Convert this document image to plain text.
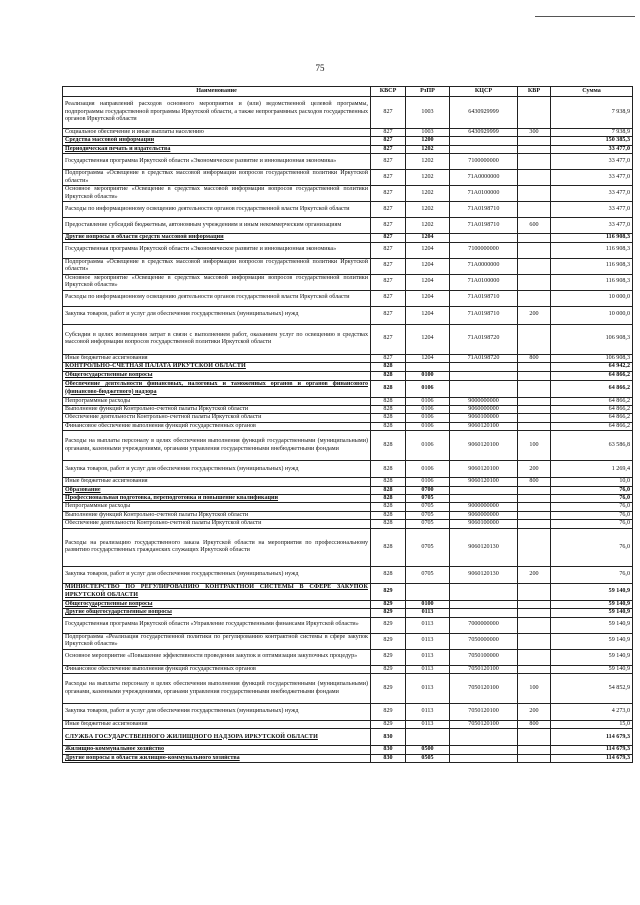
75
Наименование	КВСР	РзПР	КЦСР	КВР	Сумма
Реализация направлений расходов основного мероприятия и (или) ведомственной целевой программы, подпрограммы государственной программы Иркутской области, а также непрограммных расходов государственных органов Иркутской области	827	1003	6430929999		7 938,9
Социальное обеспечение и иные выплаты населению	827	1003	6430929999	300	7 938,9
Средства массовой информации	827	1200			150 385,3
Периодическая печать и издательства	827	1202			33 477,0
Государственная программа Иркутской области «Экономическое развитие и инновационная экономика»	827	1202	7100000000		33 477,0
Подпрограмма «Освещение в средствах массовой информации вопросов государственной политики Иркутской области»	827	1202	71А0000000		33 477,0
Основное мероприятие «Освещение в средствах массовой информации вопросов государственной политики Иркутской области»	827	1202	71А0100000		33 477,0
Расходы по информационному освещению деятельности органов государственной власти Иркутской области	827	1202	71А0198710		33 477,0
Предоставление субсидий бюджетным, автономным учреждениям и иным некоммерческим организациям	827	1202	71А0198710	600	33 477,0
Другие вопросы в области средств массовой информации	827	1204			116 908,3
Государственная программа Иркутской области «Экономическое развитие и инновационная экономика»	827	1204	7100000000		116 908,3
Подпрограмма «Освещение в средствах массовой информации вопросов государственной политики Иркутской области»	827	1204	71А0000000		116 908,3
Основное мероприятие «Освещение в средствах массовой информации вопросов государственной политики Иркутской области»	827	1204	71А0100000		116 908,3
Расходы по информационному освещению деятельности органов государственной власти Иркутской области	827	1204	71А0198710		10 000,0
Закупка товаров, работ и услуг для обеспечения государственных (муниципальных) нужд	827	1204	71А0198710	200	10 000,0
Субсидии в целях возмещения затрат в связи с выполнением работ, оказанием услуг по освещению в средствах массовой информации вопросов государственной политики Иркутской области	827	1204	71А0198720		106 908,3
Иные бюджетные ассигнования	827	1204	71А0198720	800	106 908,3
КОНТРОЛЬНО-СЧЕТНАЯ ПАЛАТА ИРКУТСКОЙ ОБЛАСТИ	828				64 942,2
Общегосударственные вопросы	828	0100			64 866,2
Обеспечение деятельности финансовых, налоговых и таможенных органов и органов финансового (финансово-бюджетного) надзора	828	0106			64 866,2
Непрограммные расходы	828	0106	9000000000		64 866,2
Выполнение функций Контрольно-счетной палаты Иркутской области	828	0106	9060000000		64 866,2
Обеспечение деятельности Контрольно-счетной палаты Иркутской области	828	0106	9060100000		64 866,2
Финансовое обеспечение выполнения функций государственных органов	828	0106	9060120100		64 866,2
Расходы на выплаты персоналу в целях обеспечения выполнения функций государственными (муниципальными) органами, казенными учреждениями, органами управления государственными внебюджетными фондами	828	0106	9060120100	100	63 586,8
Закупка товаров, работ и услуг для обеспечения государственных (муниципальных) нужд	828	0106	9060120100	200	1 269,4
Иные бюджетные ассигнования	828	0106	9060120100	800	10,0
Образование	828	0700			76,0
Профессиональная подготовка, переподготовка и повышение квалификации	828	0705			76,0
Непрограммные расходы	828	0705	9000000000		76,0
Выполнение функций Контрольно-счетной палаты Иркутской области	828	0705	9060000000		76,0
Обеспечение деятельности Контрольно-счетной палаты Иркутской области	828	0705	9060100000		76,0
Расходы на реализацию государственного заказа Иркутской области на мероприятия по профессиональному развитию государственных гражданских служащих Иркутской области	828	0705	9060120130		76,0
Закупка товаров, работ и услуг для обеспечения государственных (муниципальных) нужд	828	0705	9060120130	200	76,0
МИНИСТЕРСТВО ПО РЕГУЛИРОВАНИЮ КОНТРАКТНОЙ СИСТЕМЫ В СФЕРЕ ЗАКУПОК ИРКУТСКОЙ ОБЛАСТИ	829				59 140,9
Общегосударственные вопросы	829	0100			59 140,9
Другие общегосударственные вопросы	829	0113			59 140,9
Государственная программа Иркутской области «Управление государственными финансами Иркутской области»	829	0113	7000000000		59 140,9
Подпрограмма «Реализация государственной политики по регулированию контрактной системы в сфере закупок Иркутской области»	829	0113	7050000000		59 140,9
Основное мероприятие «Повышение эффективности проведения закупок и оптимизация закупочных процедур»	829	0113	7050100000		59 140,9
Финансовое обеспечение выполнения функций государственных органов	829	0113	7050120100		59 140,9
Расходы на выплаты персоналу в целях обеспечения выполнения функций государственными (муниципальными) органами, казенными учреждениями, органами управления государственными внебюджетными фондами	829	0113	7050120100	100	54 852,9
Закупка товаров, работ и услуг для обеспечения государственных (муниципальных) нужд	829	0113	7050120100	200	4 273,0
Иные бюджетные ассигнования	829	0113	7050120100	800	15,0
СЛУЖБА ГОСУДАРСТВЕННОГО ЖИЛИЩНОГО НАДЗОРА ИРКУТСКОЙ ОБЛАСТИ	830				114 679,3
Жилищно-коммунальное хозяйство	830	0500			114 679,3
Другие вопросы в области жилищно-коммунального хозяйства	830	0505			114 679,3
